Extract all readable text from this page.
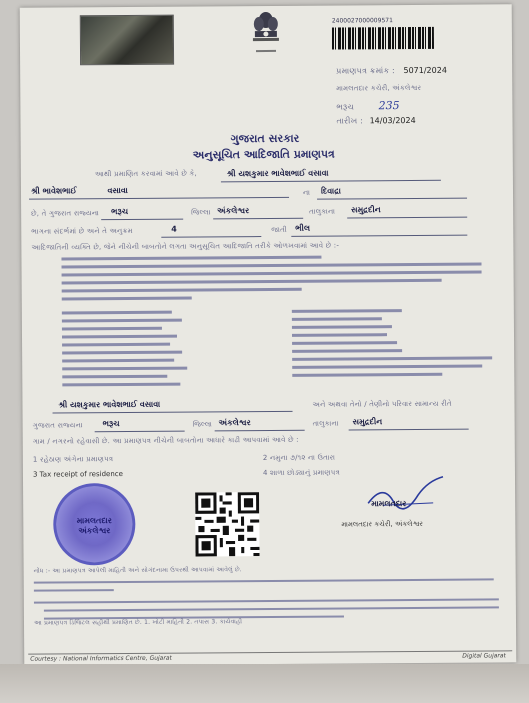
2400027000009571
પ્રમાણપત્ર ક્રમાંક : 5071/2024
મામલતદાર કચેરી, અંકલેશ્વર
ભરૂચ 235
તારીખ : 14/03/2024
ગુજરાત સરકાર
અનુસૂચિત આદિજાતિ પ્રમાણપત્ર
આથી પ્રમાણિત કરવામાં આવે છે કે,	શ્રી યશકુમાર ભાવેશભાઈ વસાવા
શ્રી ભાવેશભાઈ	વસાવા	ના દિવાદ્રા
છે, તે ગુજરાત રાજ્યના ભરૂચ	જિલ્લા અંકલેશ્વર	તાલુકાના સમુદ્રદીન
ભાગના સંદર્ભમાં છે અને તે અનુક્રમ	4	જાતી ભીલ
આદિજાતિની વ્યક્તિ છે, જેને નીચેની બાબતોને લગતા અનુસૂચિત આદિજાતિ તરીકે ઓળખવામાં આવે છે :-
શ્રી યશકુમાર ભાવેશભાઈ વસાવા	અને અથવા તેનો / તેણીનો પરિવાર સામાન્ય રીતે
ગુજરાત રાજ્યના ભરૂચ	જિલ્લા અંકલેશ્વર	તાલુકાના સમુદ્રદીન
ગામ / નગરનો રહેવાસી છે. આ પ્રમાણપત્ર નીચેની બાબતોના આધારે કાઢી આપવામાં આવે છે :
1 રહેઠાણ અંગેના પ્રમાણપત્ર	2 નમુના ૭/૧૨ ના ઉતારા
3 Tax receipt of residence	4 શાળા છોડ્યાનું પ્રમાણપત્ર
મામલતદાર અંકલેશ્વર
મામલતદાર
મામલતદાર કચેરી, અંકલેશ્વર
નોંધ :- આ પ્રમાણપત્ર આપેલી માહિતી અને સોગંદનામા ઉપરથી આપવામાં આવેલું છે.
આ પ્રમાણપત્ર ડિજિટલ સહીથી પ્રમાણિત છે. 1. ખોટી માહિતી 2. તપાસ 3. કાર્યવાહી
Courtesy : National Informatics Centre, Gujarat	Digital Gujarat
